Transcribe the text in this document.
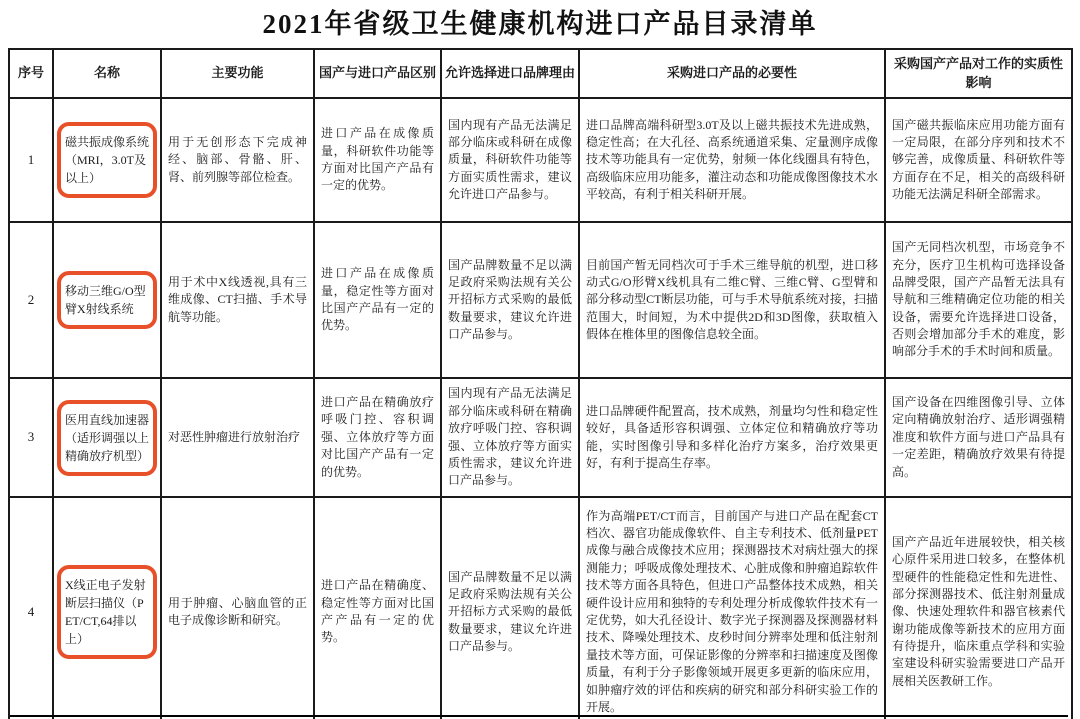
2021年省级卫生健康机构进口产品目录清单
序号	名称	主要功能	国产与进口产品区别	允许选择进口品牌理由	采购进口产品的必要性	采购国产产品对工作的实质性影响
1	磁共振成像系统（MRI，3.0T及以上）	用于无创形态下完成神经、脑部、骨骼、肝、肾、前列腺等部位检查。	进口产品在成像质量，科研软件功能等方面对比国产产品有一定的优势。	国内现有产品无法满足部分临床或科研在成像质量，科研软件功能等方面实质性需求，建议允许进口产品参与。	进口品牌高端科研型3.0T及以上磁共振技术先进成熟，稳定性高；在大孔径、高系统通道采集、定量测序成像技术等功能具有一定优势，射频一体化线圈具有特色，高级临床应用功能多，灌注动态和功能成像图像技术水平较高，有利于相关科研开展。	国产磁共振临床应用功能方面有一定局限，在部分序列和技术不够完善，成像质量、科研软件等方面存在不足，相关的高级科研功能无法满足科研全部需求。
2	移动三维G/O型臂X射线系统	用于术中X线透视,具有三维成像、CT扫描、手术导航等功能。	进口产品在成像质量，稳定性等方面对比国产产品有一定的优势。	国产品牌数量不足以满足政府采购法规有关公开招标方式采购的最低数量要求，建议允许进口产品参与。	目前国产暂无同档次可于手术三维导航的机型，进口移动式G/O形臂X线机具有二维C臂、三维C臂、G型臂和部分移动型CT断层功能，可与手术导航系统对接，扫描范围大，时间短，为术中提供2D和3D图像，获取植入假体在椎体里的图像信息较全面。	国产无同档次机型，市场竞争不充分，医疗卫生机构可选择设备品牌受限，国产产品暂无法具有导航和三维精确定位功能的相关设备，需要允许选择进口设备，否则会增加部分手术的难度，影响部分手术的手术时间和质量。
3	医用直线加速器（适形调强以上精确放疗机型）	对恶性肿瘤进行放射治疗	进口产品在精确放疗呼吸门控、容积调强、立体放疗等方面对比国产产品有一定的优势。	国内现有产品无法满足部分临床或科研在精确放疗呼吸门控、容积调强、立体放疗等方面实质性需求，建议允许进口产品参与。	进口品牌硬件配置高，技术成熟，剂量均匀性和稳定性较好，具备适形容积调强、立体定位和精确放疗等功能，实时图像引导和多样化治疗方案多，治疗效果更好，有利于提高生存率。	国产设备在四维图像引导、立体定向精确放射治疗、适形调强精准度和软件方面与进口产品具有一定差距，精确放疗效果有待提高。
4	X线正电子发射断层扫描仪（PET/CT,64排以上）	用于肿瘤、心脑血管的正电子成像诊断和研究。	进口产品在精确度、稳定性等方面对比国产产品有一定的优势。	国产品牌数量不足以满足政府采购法规有关公开招标方式采购的最低数量要求，建议允许进口产品参与。	作为高端PET/CT而言，目前国产与进口产品在配套CT档次、器官功能成像软件、自主专利技术、低剂量PET成像与融合成像技术应用；探测器技术对病灶强大的探测能力；呼吸成像处理技术、心脏成像和肿瘤追踪软件技术等方面各具特色，但进口产品整体技术成熟，相关硬件设计应用和独特的专利处理分析成像软件技术有一定优势，如大孔径设计、数字光子探测器及探测器材料技术、降噪处理技术、皮秒时间分辨率处理和低注射剂量技术等方面，可保证影像的分辨率和扫描速度及图像质量，有利于分子影像领域开展更多更新的临床应用，如肿瘤疗效的评估和疾病的研究和部分科研实验工作的开展。	国产产品近年进展较快，相关核心原件采用进口较多，在整体机型硬件的性能稳定性和先进性、部分探测器技术、低注射剂量成像、快速处理软件和器官核素代谢功能成像等新技术的应用方面有待提升，临床重点学科和实验室建设科研实验需要进口产品开展相关医教研工作。
